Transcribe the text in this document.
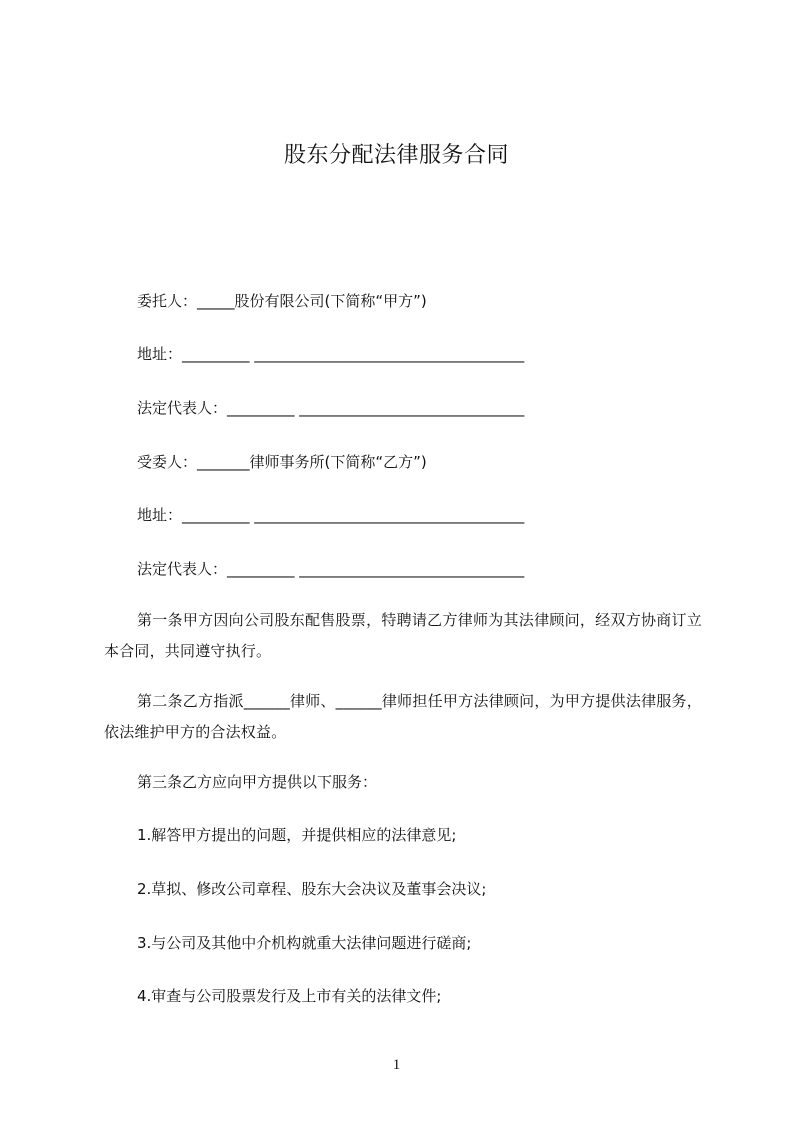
股东分配法律服务合同
委托人：_____股份有限公司(下简称“甲方”)
地址：_________ ____________________________________
法定代表人：_________ ______________________________
受委人：_______律师事务所(下简称“乙方”)
地址：_________ ____________________________________
法定代表人：_________ ______________________________
第一条甲方因向公司股东配售股票，特聘请乙方律师为其法律顾问，经双方协商订立本合同，共同遵守执行。
第二条乙方指派______律师、______律师担任甲方法律顾问，为甲方提供法律服务，依法维护甲方的合法权益。
第三条乙方应向甲方提供以下服务：
1.解答甲方提出的问题，并提供相应的法律意见;
2.草拟、修改公司章程、股东大会决议及董事会决议;
3.与公司及其他中介机构就重大法律问题进行磋商;
4.审查与公司股票发行及上市有关的法律文件;
1
